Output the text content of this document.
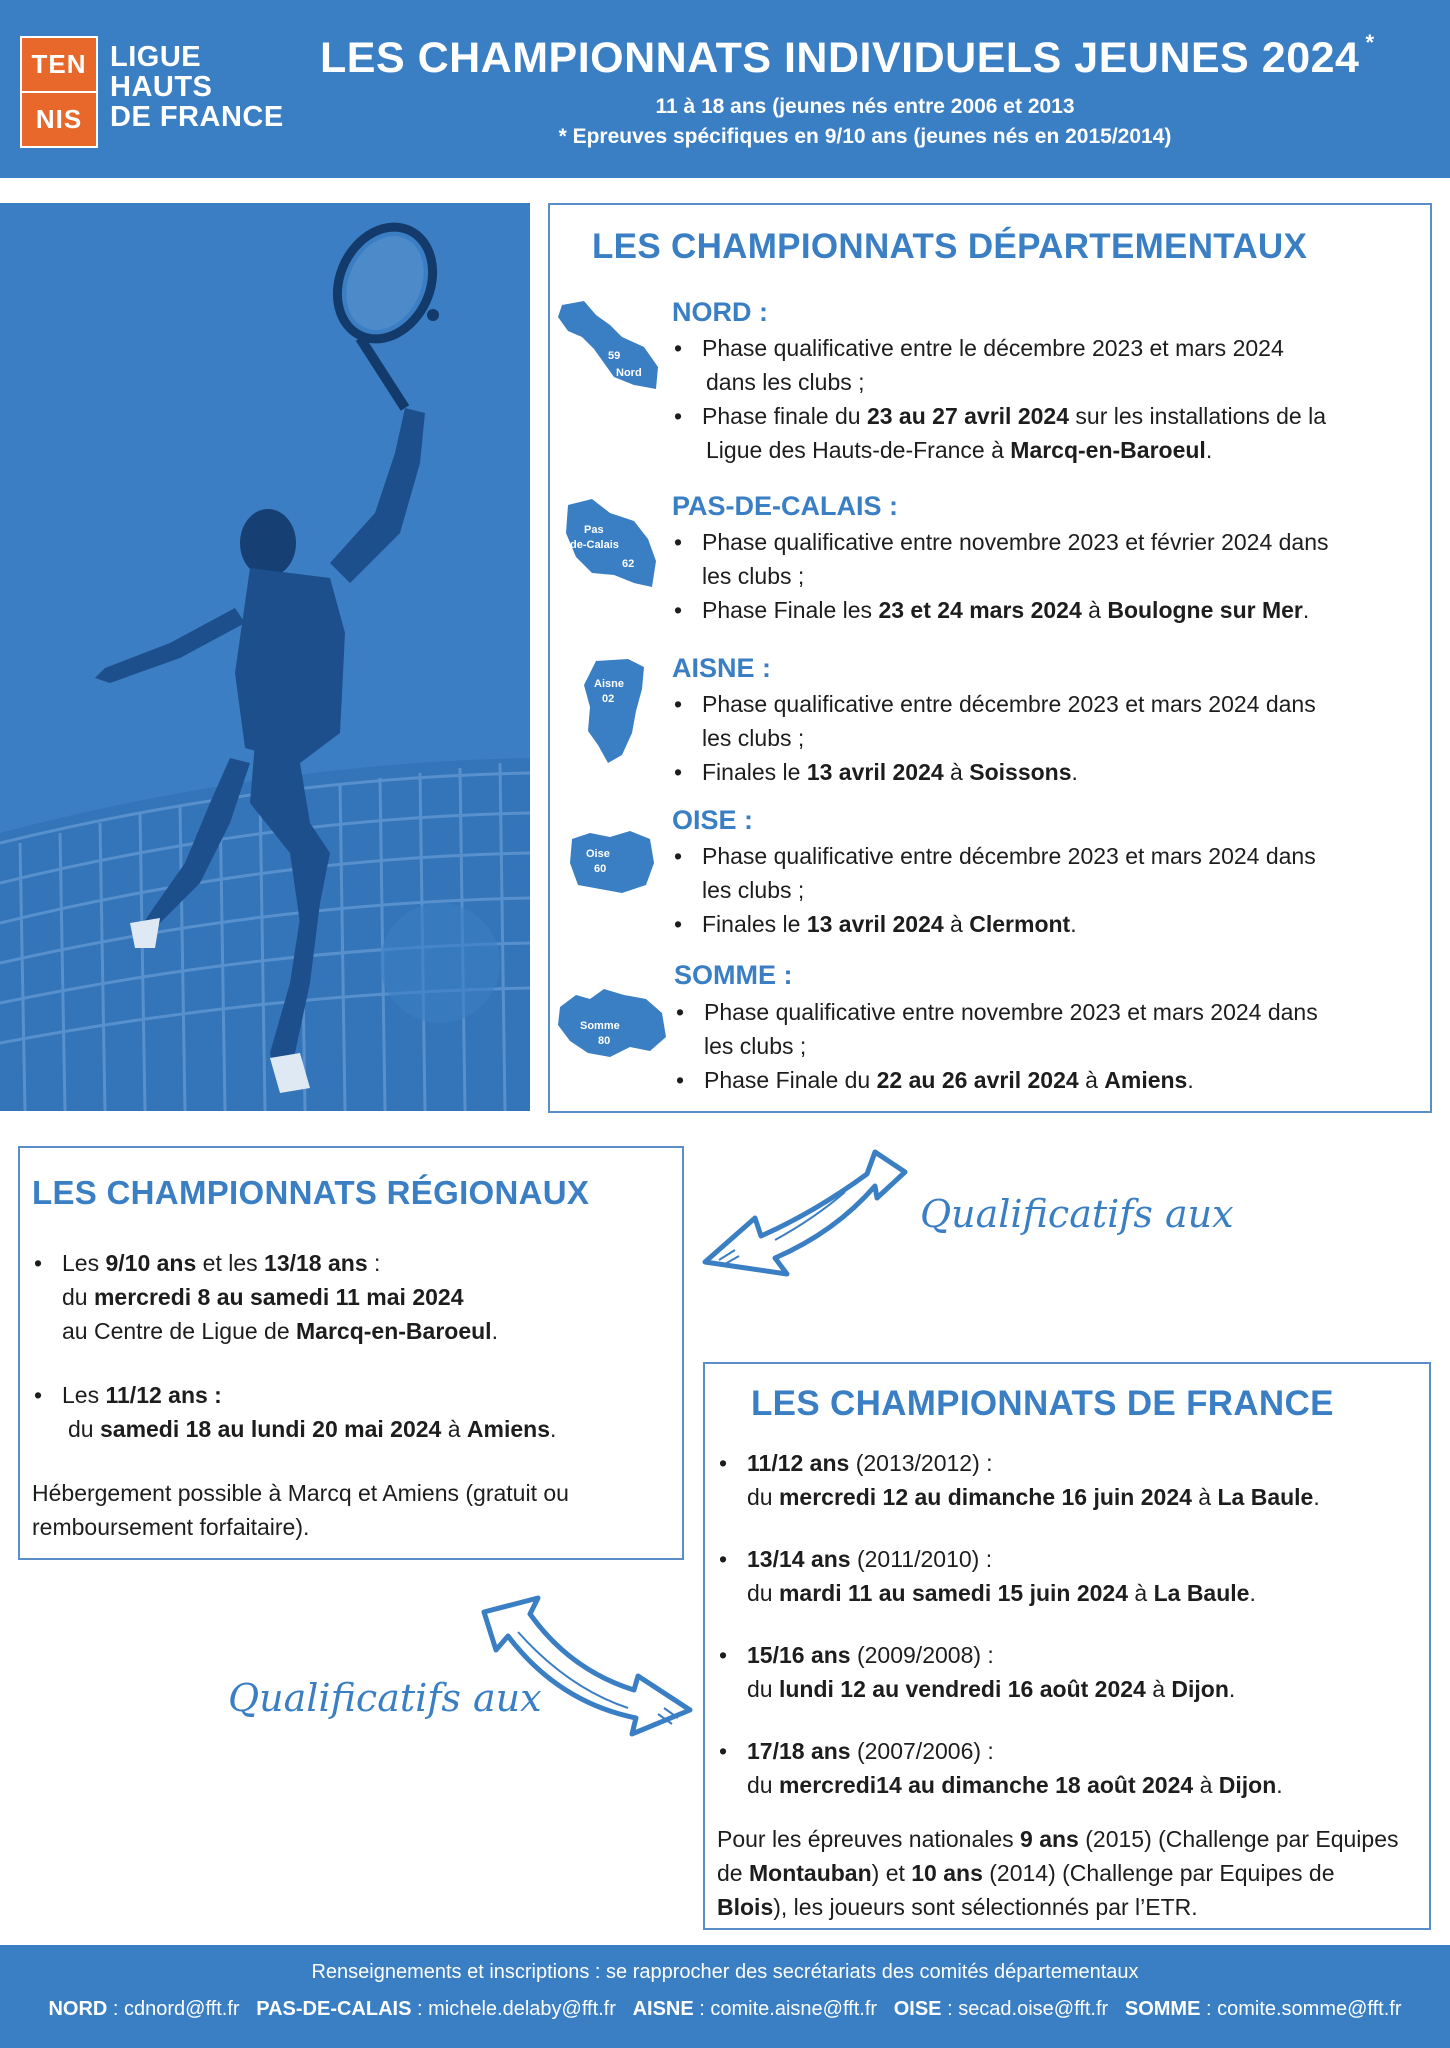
TEN
NIS
LIGUE
HAUTS
DE FRANCE
LES CHAMPIONNATS INDIVIDUELS JEUNES 2024 *
11 à 18 ans (jeunes nés entre 2006 et 2013
* Epreuves spécifiques en 9/10 ans (jeunes nés en 2015/2014)
LES CHAMPIONNATS DÉPARTEMENTAUX
59
Nord
NORD :
• Phase qualificative entre le décembre 2023 et mars 2024
dans les clubs ;
• Phase finale du 23 au 27 avril 2024 sur les installations de la
Ligue des Hauts-de-France à Marcq-en-Baroeul.
Pas
de-Calais
62
PAS-DE-CALAIS :
• Phase qualificative entre novembre 2023 et février 2024 dans
les clubs ;
• Phase Finale les 23 et 24 mars 2024 à Boulogne sur Mer.
Aisne
02
AISNE :
• Phase qualificative entre décembre 2023 et mars 2024 dans
les clubs ;
• Finales le 13 avril 2024 à Soissons.
Oise
60
OISE :
• Phase qualificative entre décembre 2023 et mars 2024 dans
les clubs ;
• Finales le 13 avril 2024 à Clermont.
Somme
80
SOMME :
• Phase qualificative entre novembre 2023 et mars 2024 dans
les clubs ;
• Phase Finale du 22 au 26 avril 2024 à Amiens.
LES CHAMPIONNATS RÉGIONAUX
• Les 9/10 ans et les 13/18 ans :
du mercredi 8 au samedi 11 mai 2024
au Centre de Ligue de Marcq-en-Baroeul.
• Les 11/12 ans :
du samedi 18 au lundi 20 mai 2024 à Amiens.
Hébergement possible à Marcq et Amiens (gratuit ou remboursement forfaitaire).
Qualificatifs aux
Qualificatifs aux
LES CHAMPIONNATS DE FRANCE
• 11/12 ans (2013/2012) :
du mercredi 12 au dimanche 16 juin 2024 à La Baule.
• 13/14 ans (2011/2010) :
du mardi 11 au samedi 15 juin 2024 à La Baule.
• 15/16 ans (2009/2008) :
du lundi 12 au vendredi 16 août 2024 à Dijon.
• 17/18 ans (2007/2006) :
du mercredi14 au dimanche 18 août 2024 à Dijon.
Pour les épreuves nationales 9 ans (2015) (Challenge par Equipes de Montauban) et 10 ans (2014) (Challenge par Equipes de Blois), les joueurs sont sélectionnés par l’ETR.
Renseignements et inscriptions : se rapprocher des secrétariats des comités départementaux
NORD : cdnord@fft.fr PAS-DE-CALAIS : michele.delaby@fft.fr AISNE : comite.aisne@fft.fr OISE : secad.oise@fft.fr SOMME : comite.somme@fft.fr
